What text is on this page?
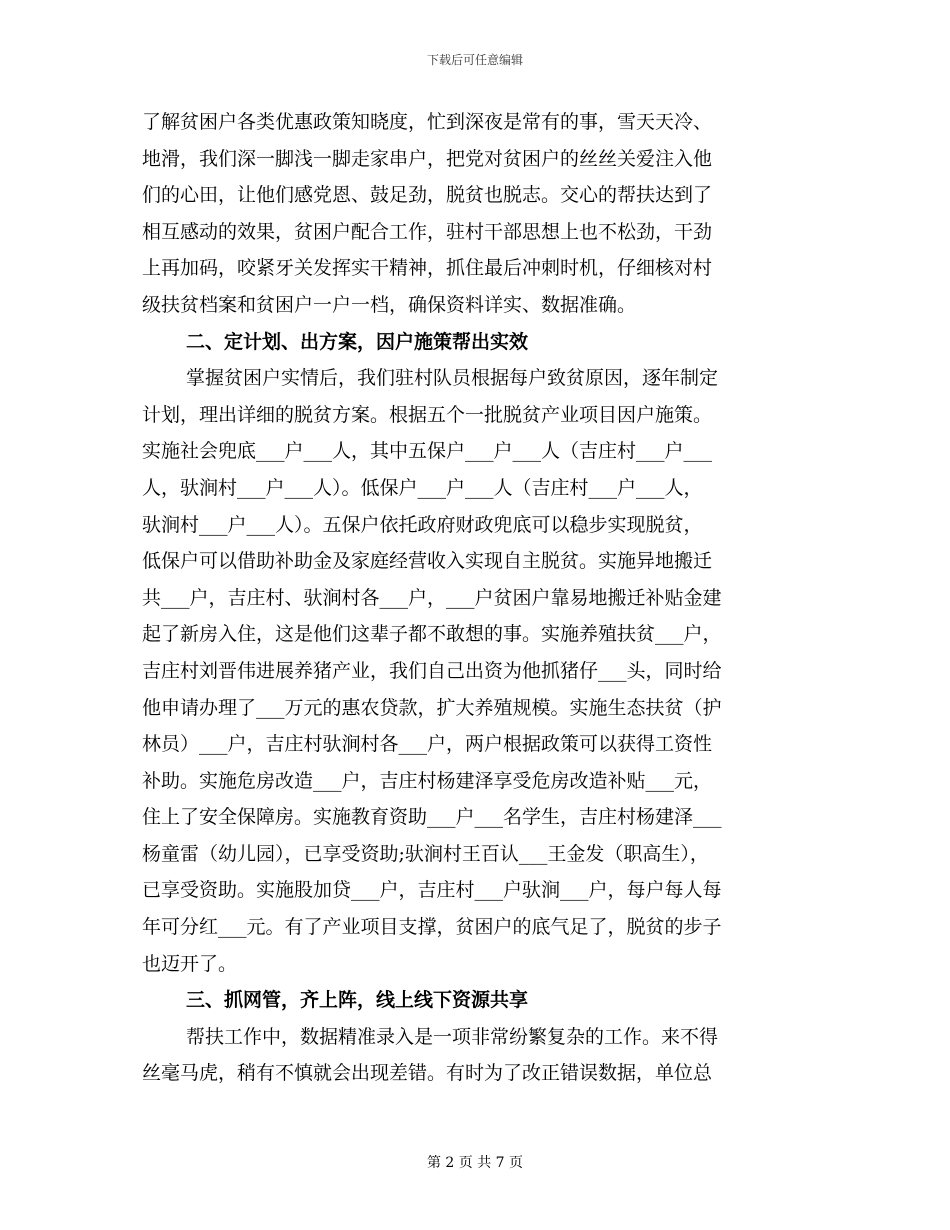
下载后可任意编辑
了解贫困户各类优惠政策知晓度，忙到深夜是常有的事，雪天天冷、
地滑，我们深一脚浅一脚走家串户，把党对贫困户的丝丝关爱注入他
们的心田，让他们感党恩、鼓足劲，脱贫也脱志。交心的帮扶达到了
相互感动的效果，贫困户配合工作，驻村干部思想上也不松劲，干劲
上再加码，咬紧牙关发挥实干精神，抓住最后冲刺时机，仔细核对村
级扶贫档案和贫困户一户一档，确保资料详实、数据准确。
二、定计划、出方案，因户施策帮出实效
掌握贫困户实情后，我们驻村队员根据每户致贫原因，逐年制定
计划，理出详细的脱贫方案。根据五个一批脱贫产业项目因户施策。
实施社会兜底___户___人，其中五保户___户___人（吉庄村___户___
人，驮涧村___户___人）。低保户___户___人（吉庄村___户___人，
驮涧村___户___人）。五保户依托政府财政兜底可以稳步实现脱贫，
低保户可以借助补助金及家庭经营收入实现自主脱贫。实施异地搬迁
共___户，吉庄村、驮涧村各___户，___户贫困户靠易地搬迁补贴金建
起了新房入住，这是他们这辈子都不敢想的事。实施养殖扶贫___户，
吉庄村刘晋伟进展养猪产业，我们自己出资为他抓猪仔___头，同时给
他申请办理了___万元的惠农贷款，扩大养殖规模。实施生态扶贫（护
林员）___户，吉庄村驮涧村各___户，两户根据政策可以获得工资性
补助。实施危房改造___户，吉庄村杨建泽享受危房改造补贴___元，
住上了安全保障房。实施教育资助___户___名学生，吉庄村杨建泽___
杨童雷（幼儿园），已享受资助;驮涧村王百认___王金发（职高生），
已享受资助。实施股加贷___户，吉庄村___户驮涧___户，每户每人每
年可分红___元。有了产业项目支撑，贫困户的底气足了，脱贫的步子
也迈开了。
三、抓网管，齐上阵，线上线下资源共享
帮扶工作中，数据精准录入是一项非常纷繁复杂的工作。来不得
丝毫马虎，稍有不慎就会出现差错。有时为了改正错误数据，单位总
第 2 页 共 7 页
